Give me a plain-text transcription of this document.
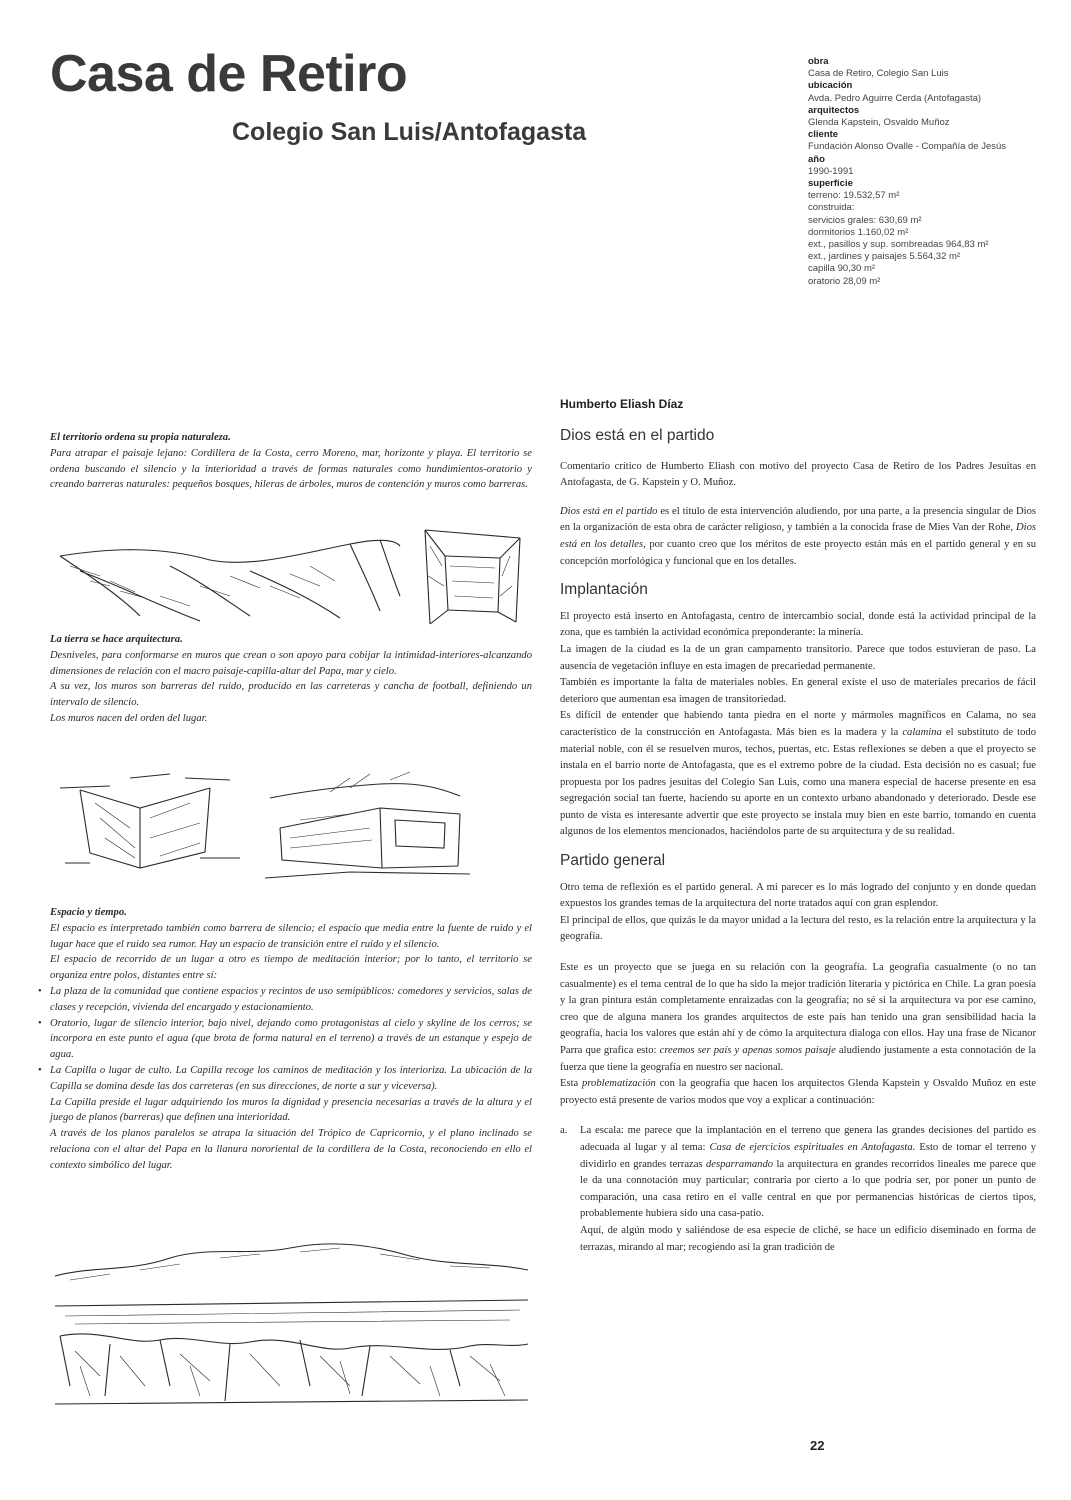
Casa de Retiro
Colegio San Luis/Antofagasta
obra
Casa de Retiro, Colegio San Luis
ubicación
Avda. Pedro Aguirre Cerda (Antofagasta)
arquitectos
Glenda Kapstein, Osvaldo Muñoz
cliente
Fundación Alonso Ovalle - Compañía de Jesús
año
1990-1991
superficie
terreno: 19.532,57 m²
construida:
servicios grales: 630,69 m²
dormitorios 1.160,02 m²
ext., pasillos y sup. sombreadas 964,83 m²
ext., jardines y paisajes 5.564,32 m²
capilla 90,30 m²
oratorio 28,09 m²

El territorio ordena su propia naturaleza.

Para atrapar el paisaje lejano: Cordillera de la Costa, cerro Moreno, mar, horizonte y playa. El territorio se ordena buscando el silencio y la interioridad a través de formas naturales como hundimientos-oratorio y creando barreras naturales: pequeños bosques, hileras de árboles, muros de contención y muros como barreras.

La tierra se hace arquitectura.

Desniveles, para conformarse en muros que crean o son apoyo para cobijar la intimidad-interiores-alcanzando dimensiones de relación con el macro paisaje-capilla-altar del Papa, mar y cielo.

A su vez, los muros son barreras del ruido, producido en las carreteras y cancha de football, definiendo un intervalo de silencio.

Los muros nacen del orden del lugar.

Espacio y tiempo.

El espacio es interpretado también como barrera de silencio; el espacio que media entre la fuente de ruido y el lugar hace que el ruido sea rumor. Hay un espacio de transición entre el ruido y el silencio.

El espacio de recorrido de un lugar a otro es tiempo de meditación interior; por lo tanto, el territorio se organiza entre polos, distantes entre sí:

• La plaza de la comunidad que contiene espacios y recintos de uso semipúblicos: comedores y servicios, salas de clases y recepción, vivienda del encargado y estacionamiento.
• Oratorio, lugar de silencio interior, bajo nivel, dejando como protagonistas al cielo y skyline de los cerros; se incorpora en este punto el agua (que brota de forma natural en el terreno) a través de un estanque y espejo de agua.
• La Capilla o lugar de culto. La Capilla recoge los caminos de meditación y los interioriza. La ubicación de la Capilla se domina desde las dos carreteras (en sus direcciones, de norte a sur y viceversa).

La Capilla preside el lugar adquiriendo los muros la dignidad y presencia necesarias a través de la altura y el juego de planos (barreras) que definen una interioridad.

A través de los planos paralelos se atrapa la situación del Trópico de Capricornio, y el plano inclinado se relaciona con el altar del Papa en la llanura nororiental de la cordillera de la Costa, reconociendo en ello el contexto simbólico del lugar.

Humberto Eliash Díaz
Dios está en el partido

Comentario crítico de Humberto Eliash con motivo del proyecto Casa de Retiro de los Padres Jesuitas en Antofagasta, de G. Kapstein y O. Muñoz.

Dios está en el partido es el título de esta intervención aludiendo, por una parte, a la presencia singular de Dios en la organización de esta obra de carácter religioso, y también a la conocida frase de Mies Van der Rohe, Dios está en los detalles, por cuanto creo que los méritos de este proyecto están más en el partido general y en su concepción morfológica y funcional que en los detalles.

Implantación

El proyecto está inserto en Antofagasta, centro de intercambio social, donde está la actividad principal de la zona, que es también la actividad económica preponderante: la minería.

La imagen de la ciudad es la de un gran campamento transitorio. Parece que todos estuvieran de paso. La ausencia de vegetación influye en esta imagen de precariedad permanente.

También es importante la falta de materiales nobles. En general existe el uso de materiales precarios de fácil deterioro que aumentan esa imagen de transitoriedad.

Es difícil de entender que habiendo tanta piedra en el norte y mármoles magníficos en Calama, no sea característico de la construcción en Antofagasta. Más bien es la madera y la calamina el substituto de todo material noble, con él se resuelven muros, techos, puertas, etc. Estas reflexiones se deben a que el proyecto se instala en el barrio norte de Antofagasta, que es el extremo pobre de la ciudad. Esta decisión no es casual; fue propuesta por los padres jesuitas del Colegio San Luis, como una manera especial de hacerse presente en esa segregación social tan fuerte, haciendo su aporte en un contexto urbano abandonado y deteriorado. Desde ese punto de vista es interesante advertir que este proyecto se instala muy bien en este barrio, tomando en cuenta algunos de los elementos mencionados, haciéndolos parte de su arquitectura y de su realidad.

Partido general

Otro tema de reflexión es el partido general. A mi parecer es lo más logrado del conjunto y en donde quedan expuestos los grandes temas de la arquitectura del norte tratados aquí con gran esplendor.

El principal de ellos, que quizás le da mayor unidad a la lectura del resto, es la relación entre la arquitectura y la geografía.

Este es un proyecto que se juega en su relación con la geografía. La geografía casualmente (o no tan casualmente) es el tema central de lo que ha sido la mejor tradición literaria y pictórica en Chile. La gran poesía y la gran pintura están completamente enraizadas con la geografía; no sé si la arquitectura va por ese camino, creo que de alguna manera los grandes arquitectos de este país han tenido una gran sensibilidad hacia la geografía, hacia los valores que están ahí y de cómo la arquitectura dialoga con ellos. Hay una frase de Nicanor Parra que grafica esto: creemos ser país y apenas somos paisaje aludiendo justamente a esta connotación de la fuerza que tiene la geografía en nuestro ser nacional.

Esta problematización con la geografía que hacen los arquitectos Glenda Kapstein y Osvaldo Muñoz en este proyecto está presente de varios modos que voy a explicar a continuación:

a. La escala: me parece que la implantación en el terreno que genera las grandes decisiones del partido es adecuada al lugar y al tema: Casa de ejercicios espirituales en Antofagasta. Esto de tomar el terreno y dividirlo en grandes terrazas desparramando la arquitectura en grandes recorridos lineales me parece que le da una connotación muy particular; contraria por cierto a lo que podría ser, por poner un punto de comparación, una casa retiro en el valle central en que por permanencias históricas de ciertos tipos, probablemente hubiera sido una casa-patio.
Aquí, de algún modo y saliéndose de esa especie de cliché, se hace un edificio diseminado en forma de terrazas, mirando al mar; recogiendo así la gran tradición de
22
